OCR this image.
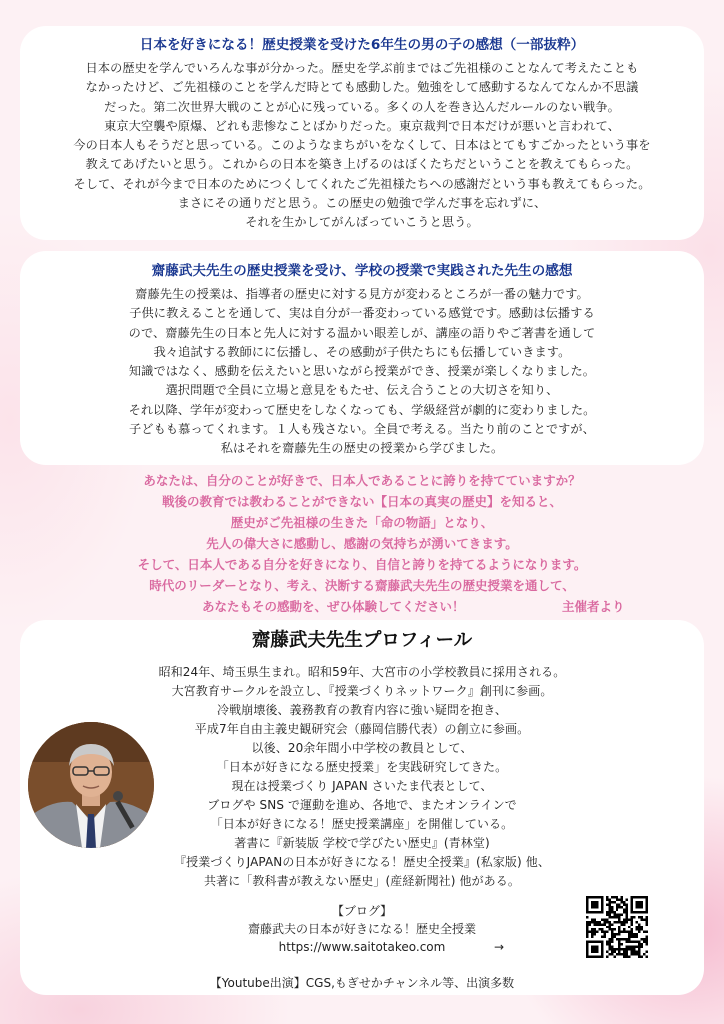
日本を好きになる！歴史授業を受けた6年生の男の子の感想（一部抜粋）

日本の歴史を学んでいろんな事が分かった。歴史を学ぶ前まではご先祖様のことなんて考えたことも

なかったけど、ご先祖様のことを学んだ時とても感動した。勉強をして感動するなんてなんか不思議

だった。第二次世界大戦のことが心に残っている。多くの人を巻き込んだルールのない戦争。

東京大空襲や原爆、どれも悲惨なことばかりだった。東京裁判で日本だけが悪いと言われて、

今の日本人もそうだと思っている。このようなまちがいをなくして、日本はとてもすごかったという事を

教えてあげたいと思う。これからの日本を築き上げるのはぼくたちだということを教えてもらった。

そして、それが今まで日本のためにつくしてくれたご先祖様たちへの感謝だという事も教えてもらった。

まさにその通りだと思う。この歴史の勉強で学んだ事を忘れずに、

それを生かしてがんばっていこうと思う。

齋藤武夫先生の歴史授業を受け、学校の授業で実践された先生の感想

齋藤先生の授業は、指導者の歴史に対する見方が変わるところが一番の魅力です。

子供に教えることを通して、実は自分が一番変わっている感覚です。感動は伝播する

ので、齋藤先生の日本と先人に対する温かい眼差しが、講座の語りやご著書を通して

我々追試する教師にに伝播し、その感動が子供たちにも伝播していきます。

知識ではなく、感動を伝えたいと思いながら授業ができ、授業が楽しくなりました。

選択問題で全員に立場と意見をもたせ、伝え合うことの大切さを知り、

それ以降、学年が変わって歴史をしなくなっても、学級経営が劇的に変わりました。

子どもも慕ってくれます。１人も残さない。全員で考える。当たり前のことですが、

私はそれを齋藤先生の歴史の授業から学びました。

あなたは、自分のことが好きで、日本人であることに誇りを持てていますか？

戦後の教育では教わることができない【日本の真実の歴史】を知ると、

歴史がご先祖様の生きた「命の物語」となり、

先人の偉大さに感動し、感謝の気持ちが湧いてきます。

そして、日本人である自分を好きになり、自信と誇りを持てるようになります。

時代のリーダーとなり、考え、決断する齋藤武夫先生の歴史授業を通して、

あなたもその感動を、ぜひ体験してください！	主催者より

齋藤武夫先生プロフィール

昭和24年、埼玉県生まれ。昭和59年、大宮市の小学校教員に採用される。

大宮教育サークルを設立し、『授業づくりネットワーク』創刊に参画。

冷戦崩壊後、義務教育の教育内容に強い疑問を抱き、

平成7年自由主義史観研究会（藤岡信勝代表）の創立に参画。

以後、20余年間小中学校の教員として、

「日本が好きになる歴史授業」を実践研究してきた。

現在は授業づくり JAPAN さいたま代表として、

ブログや SNS で運動を進め、各地で、またオンラインで

「日本が好きになる！歴史授業講座」を開催している。

著書に『新装版 学校で学びたい歴史』(青林堂)

『授業づくりJAPANの日本が好きになる！歴史全授業』(私家版) 他、

共著に「教科書が教えない歴史」(産経新聞社) 他がある。

【ブログ】

齋藤武夫の日本が好きになる！歴史全授業

https://www.saitotakeo.com	→
【Youtube出演】CGS,もぎせかチャンネル等、出演多数
